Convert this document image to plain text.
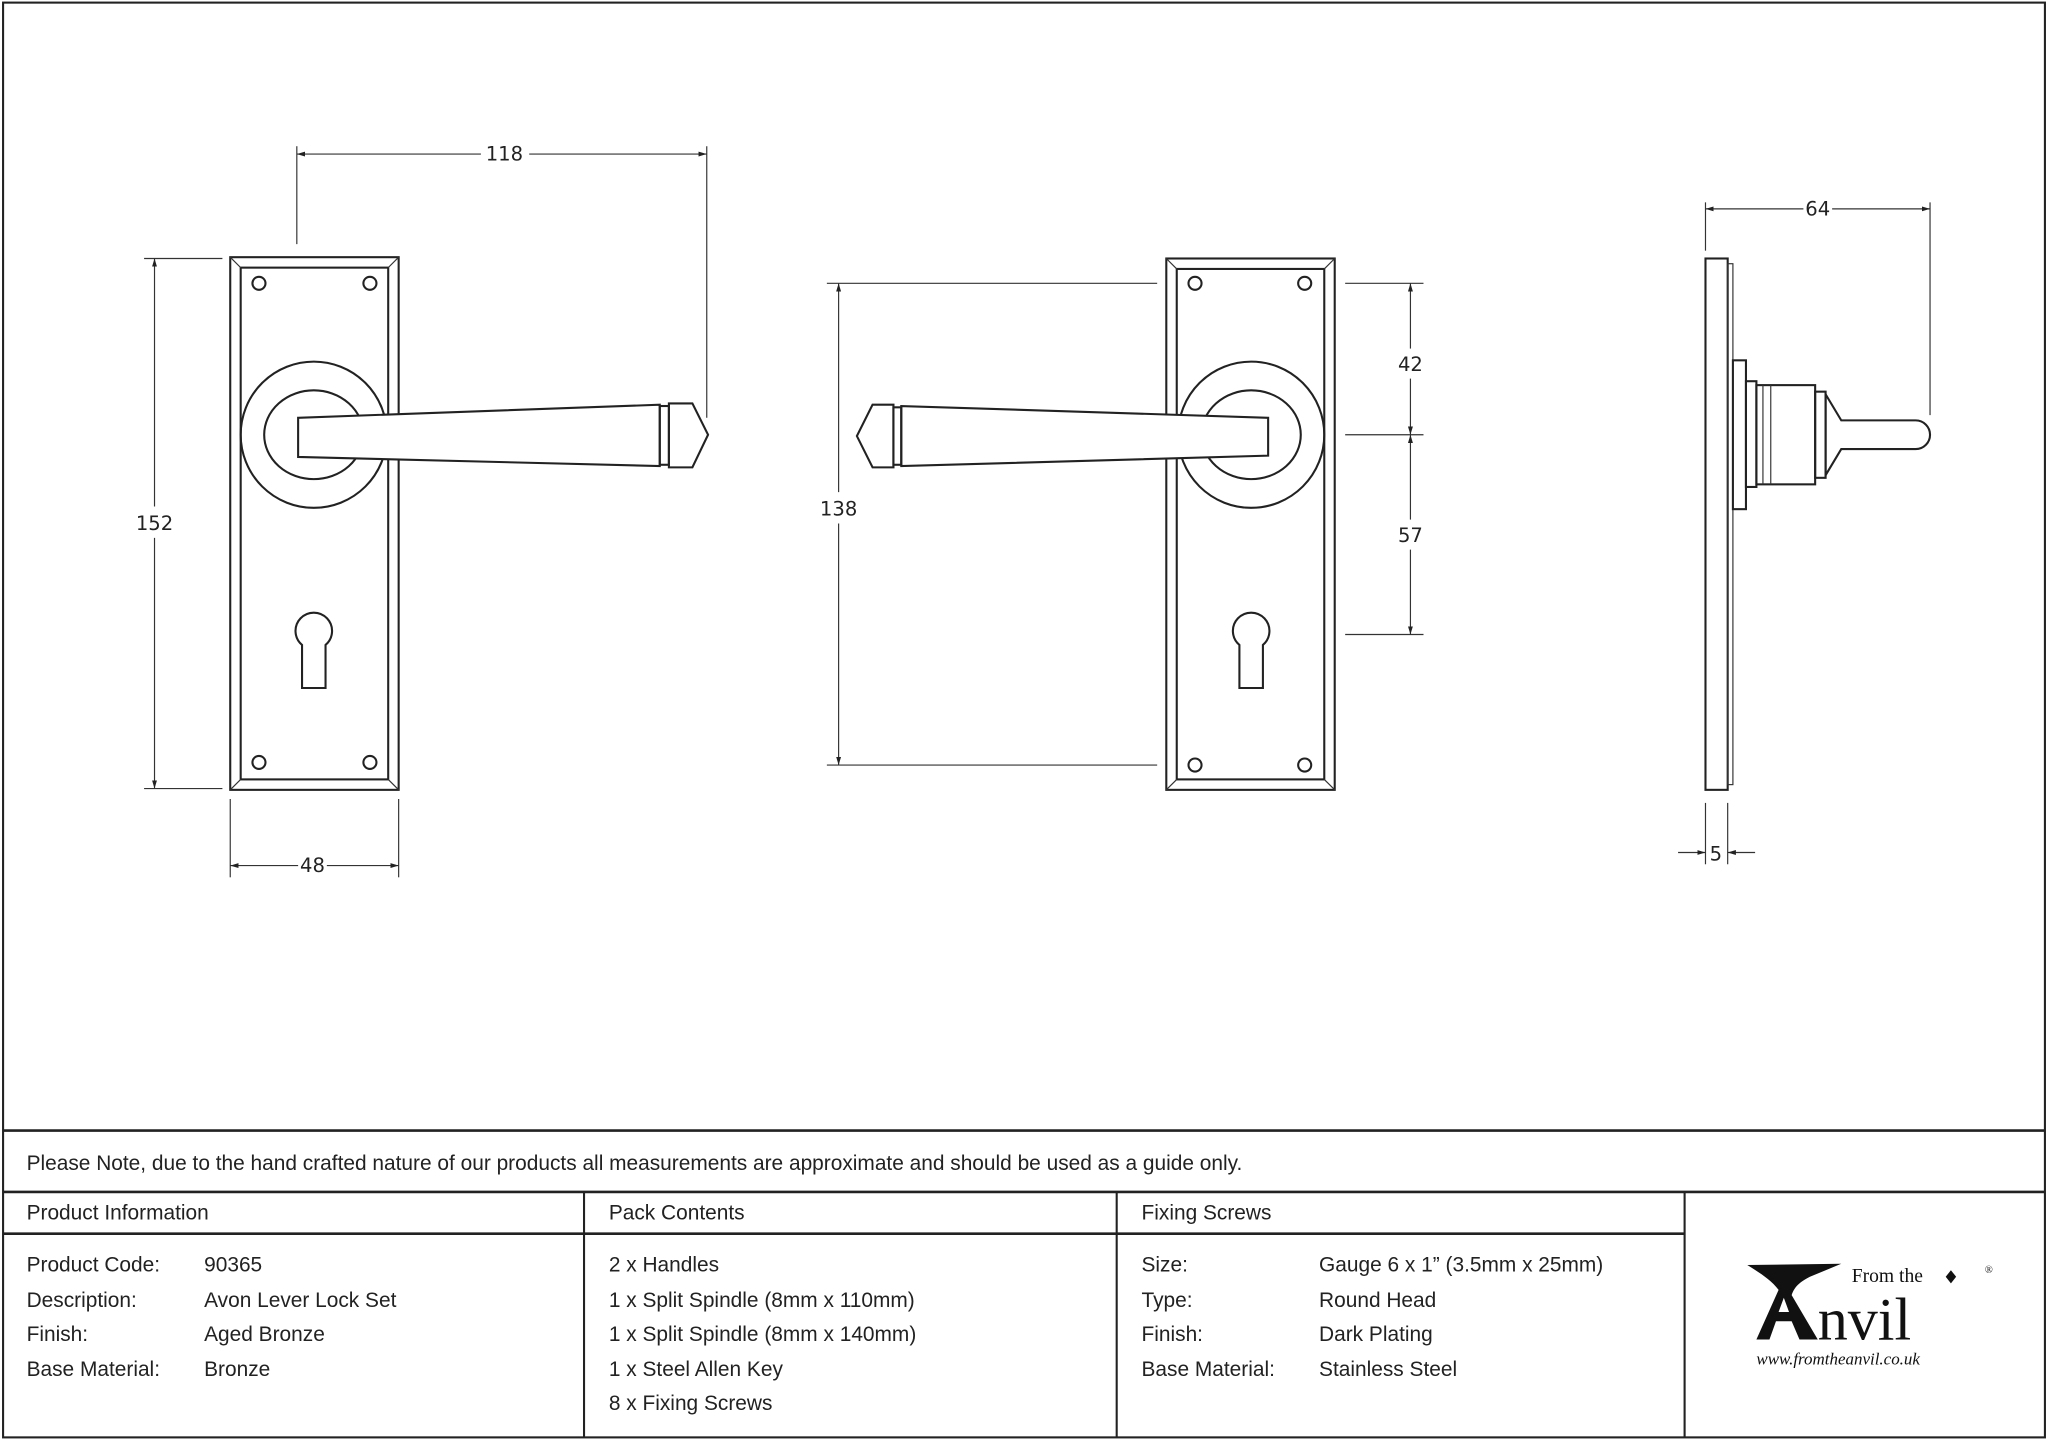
118
152
48
138
42
57
64
5
Please Note, due to the hand crafted nature of our products all measurements are approximate and should be used as a guide only.
Product Information	Pack Contents	Fixing Screws
Product Code:	90365
Description:	Avon Lever Lock Set
Finish:	Aged Bronze
Base Material:	Bronze
2 x Handles
1 x Split Spindle (8mm x 110mm)
1 x Split Spindle (8mm x 140mm)
1 x Steel Allen Key
8 x Fixing Screws
Size:	Gauge 6 x 1” (3.5mm x 25mm)
Type:	Round Head
Finish:	Dark Plating
Base Material:	Stainless Steel
From the
nvil
®
www.fromtheanvil.co.uk
